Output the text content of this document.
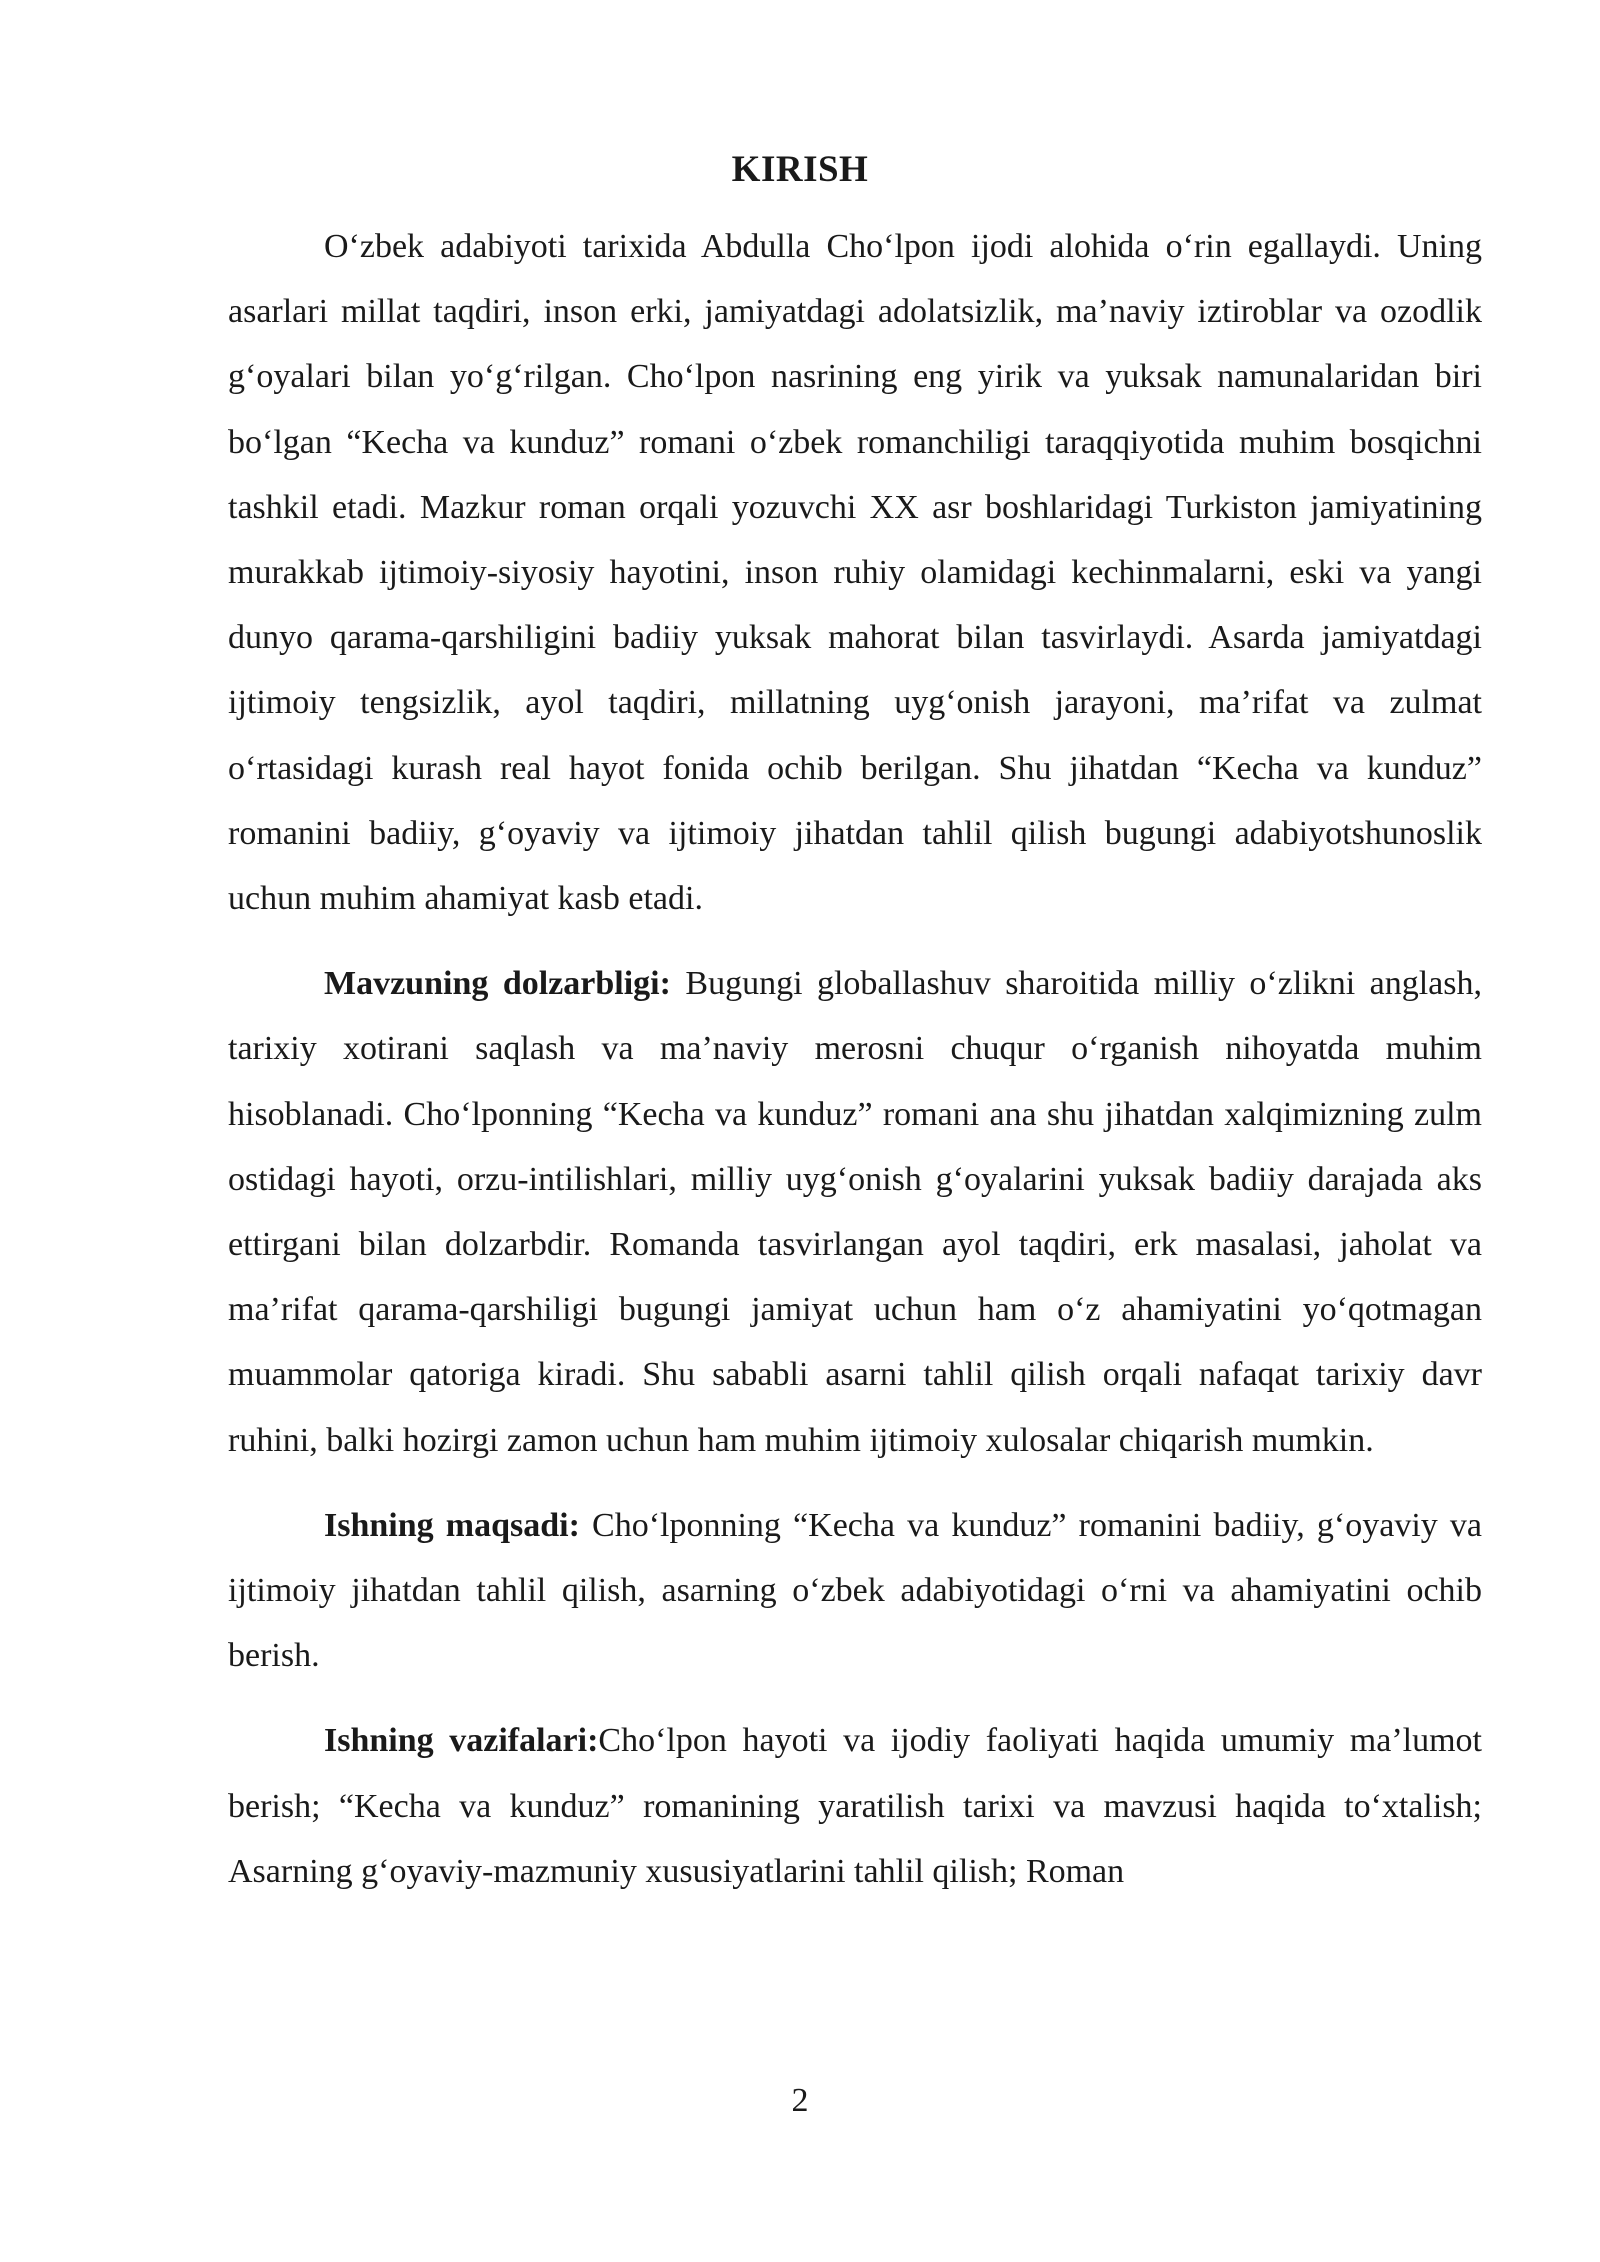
KIRISH

O‘zbek adabiyoti tarixida Abdulla Cho‘lpon ijodi alohida o‘rin egallaydi. Uning asarlari millat taqdiri, inson erki, jamiyatdagi adolatsizlik, ma’naviy iztiroblar va ozodlik g‘oyalari bilan yo‘g‘rilgan. Cho‘lpon nasrining eng yirik va yuksak namunalaridan biri bo‘lgan “Kecha va kunduz” romani o‘zbek romanchiligi taraqqiyotida muhim bosqichni tashkil etadi. Mazkur roman orqali yozuvchi XX asr boshlaridagi Turkiston jamiyatining murakkab ijtimoiy-siyosiy hayotini, inson ruhiy olamidagi kechinmalarni, eski va yangi dunyo qarama-qarshiligini badiiy yuksak mahorat bilan tasvirlaydi. Asarda jamiyatdagi ijtimoiy tengsizlik, ayol taqdiri, millatning uyg‘onish jarayoni, ma’rifat va zulmat o‘rtasidagi kurash real hayot fonida ochib berilgan. Shu jihatdan “Kecha va kunduz” romanini badiiy, g‘oyaviy va ijtimoiy jihatdan tahlil qilish bugungi adabiyotshunoslik uchun muhim ahamiyat kasb etadi.

Mavzuning dolzarbligi: Bugungi globallashuv sharoitida milliy o‘zlikni anglash, tarixiy xotirani saqlash va ma’naviy merosni chuqur o‘rganish nihoyatda muhim hisoblanadi. Cho‘lponning “Kecha va kunduz” romani ana shu jihatdan xalqimizning zulm ostidagi hayoti, orzu-intilishlari, milliy uyg‘onish g‘oyalarini yuksak badiiy darajada aks ettirgani bilan dolzarbdir. Romanda tasvirlangan ayol taqdiri, erk masalasi, jaholat va ma’rifat qarama-qarshiligi bugungi jamiyat uchun ham o‘z ahamiyatini yo‘qotmagan muammolar qatoriga kiradi. Shu sababli asarni tahlil qilish orqali nafaqat tarixiy davr ruhini, balki hozirgi zamon uchun ham muhim ijtimoiy xulosalar chiqarish mumkin.

Ishning maqsadi: Cho‘lponning “Kecha va kunduz” romanini badiiy, g‘oyaviy va ijtimoiy jihatdan tahlil qilish, asarning o‘zbek adabiyotidagi o‘rni va ahamiyatini ochib berish.

Ishning vazifalari:Cho‘lpon hayoti va ijodiy faoliyati haqida umumiy ma’lumot berish; “Kecha va kunduz” romanining yaratilish tarixi va mavzusi haqida to‘xtalish; Asarning g‘oyaviy-mazmuniy xususiyatlarini tahlil qilish; Roman

2
